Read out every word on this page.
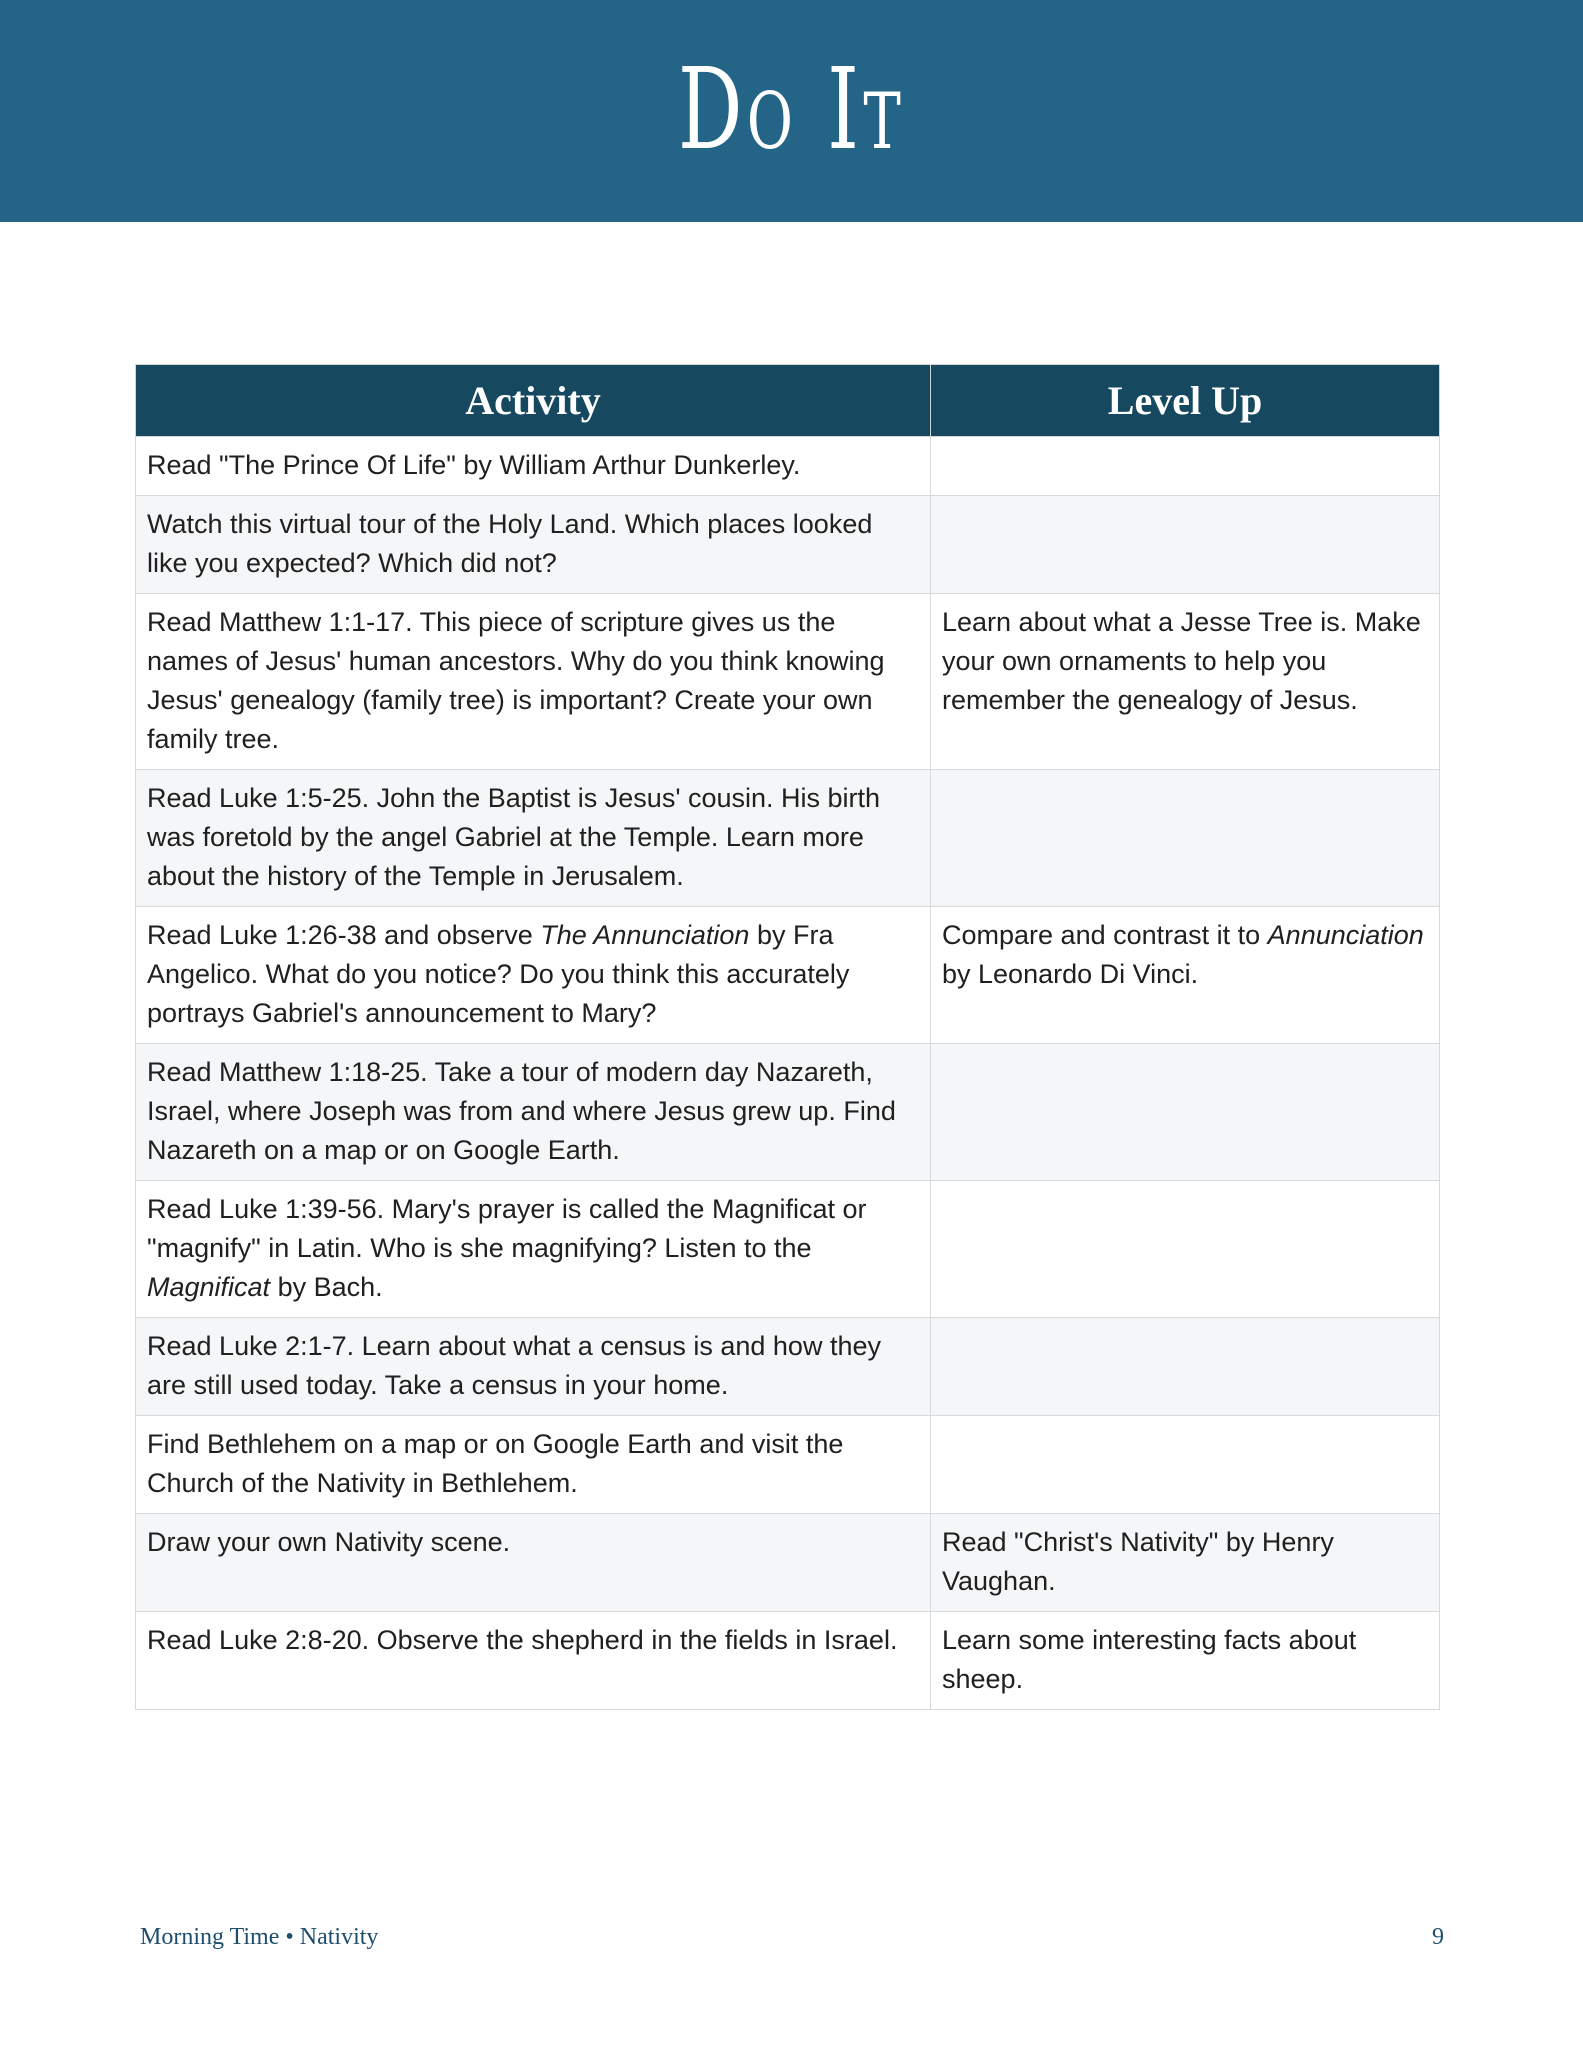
Do It
Activity	Level Up
Read "The Prince Of Life" by William Arthur Dunkerley.	
Watch this virtual tour of the Holy Land. Which places looked like you expected? Which did not?	
Read Matthew 1:1-17. This piece of scripture gives us the names of Jesus' human ancestors. Why do you think knowing Jesus' genealogy (family tree) is important? Create your own family tree.	Learn about what a Jesse Tree is. Make your own ornaments to help you remember the genealogy of Jesus.
Read Luke 1:5-25. John the Baptist is Jesus' cousin. His birth was foretold by the angel Gabriel at the Temple. Learn more about the history of the Temple in Jerusalem.	
Read Luke 1:26-38 and observe The Annunciation by Fra Angelico. What do you notice? Do you think this accurately portrays Gabriel's announcement to Mary?	Compare and contrast it to Annunciation by Leonardo Di Vinci.
Read Matthew 1:18-25. Take a tour of modern day Nazareth, Israel, where Joseph was from and where Jesus grew up. Find Nazareth on a map or on Google Earth.	
Read Luke 1:39-56. Mary's prayer is called the Magnificat or "magnify" in Latin. Who is she magnifying? Listen to the Magnificat by Bach.	
Read Luke 2:1-7. Learn about what a census is and how they are still used today. Take a census in your home.	
Find Bethlehem on a map or on Google Earth and visit the Church of the Nativity in Bethlehem.	
Draw your own Nativity scene.	Read "Christ's Nativity" by Henry Vaughan.
Read Luke 2:8-20. Observe the shepherd in the fields in Israel.	Learn some interesting facts about sheep.
Morning Time • Nativity	9
